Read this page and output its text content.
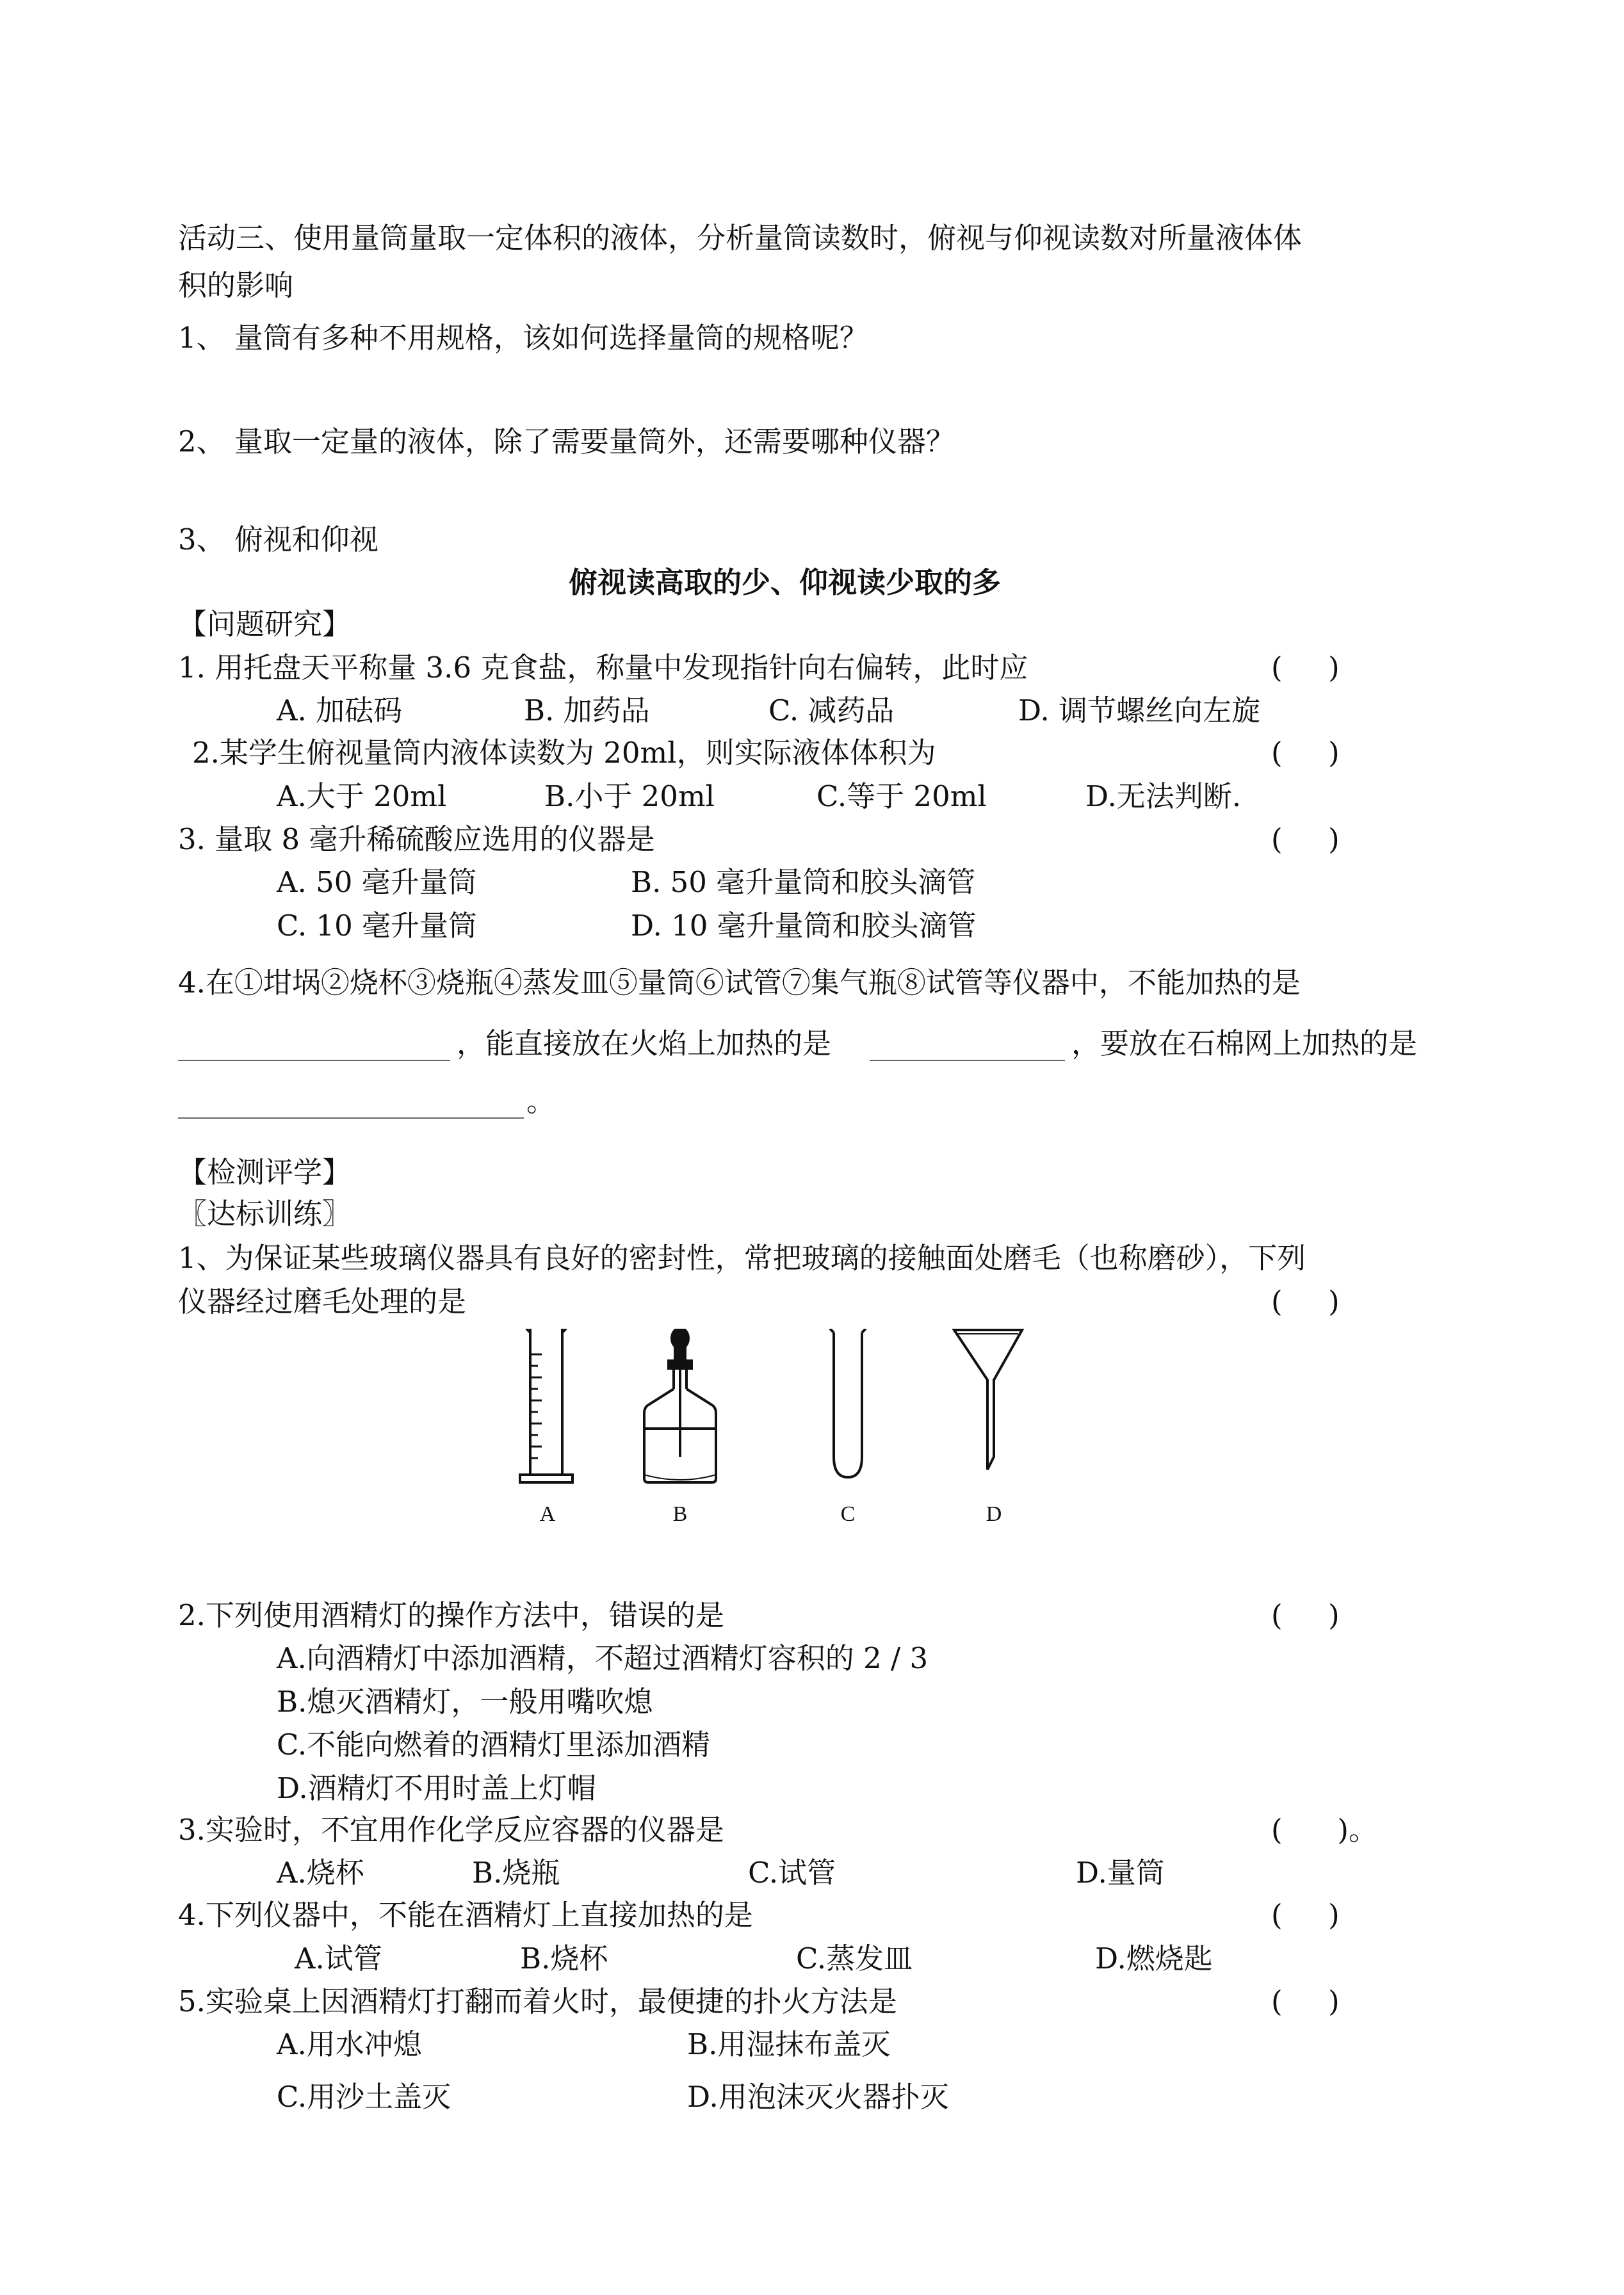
活动三、使用量筒量取一定体积的液体，分析量筒读数时，俯视与仰视读数对所量液体体
积的影响
1、 量筒有多种不用规格，该如何选择量筒的规格呢？
2、 量取一定量的液体，除了需要量筒外，还需要哪种仪器？
3、 俯视和仰视
俯视读高取的少、仰视读少取的多
【问题研究】
1. 用托盘天平称量 3.6 克食盐，称量中发现指针向右偏转，此时应	(     )
A. 加砝码	B. 加药品	C. 减药品	D. 调节螺丝向左旋
2.某学生俯视量筒内液体读数为 20ml，则实际液体体积为	(     )
A.大于 20ml	B.小于 20ml	C.等于 20ml	D.无法判断.
3. 量取 8 毫升稀硫酸应选用的仪器是	(     )
A. 50 毫升量筒	B. 50 毫升量筒和胶头滴管
C. 10 毫升量筒	D. 10 毫升量筒和胶头滴管
4.在①坩埚②烧杯③烧瓶④蒸发皿⑤量筒⑥试管⑦集气瓶⑧试管等仪器中，不能加热的是
，能直接放在火焰上加热的是	，要放在石棉网上加热的是
。
【检测评学】
〖达标训练〗
1、为保证某些玻璃仪器具有良好的密封性，常把玻璃的接触面处磨毛（也称磨砂），下列
仪器经过磨毛处理的是	(     )
A	B	C	D
2.下列使用酒精灯的操作方法中，错误的是	(     )
A.向酒精灯中添加酒精，不超过酒精灯容积的 2 / 3
B.熄灭酒精灯，一般用嘴吹熄
C.不能向燃着的酒精灯里添加酒精
D.酒精灯不用时盖上灯帽
3.实验时，不宜用作化学反应容器的仪器是	(      )。
A.烧杯	B.烧瓶	C.试管	D.量筒
4.下列仪器中，不能在酒精灯上直接加热的是	(     )
A.试管	B.烧杯	C.蒸发皿	D.燃烧匙
5.实验桌上因酒精灯打翻而着火时，最便捷的扑火方法是	(     )
A.用水冲熄	B.用湿抹布盖灭
C.用沙土盖灭	D.用泡沫灭火器扑灭
